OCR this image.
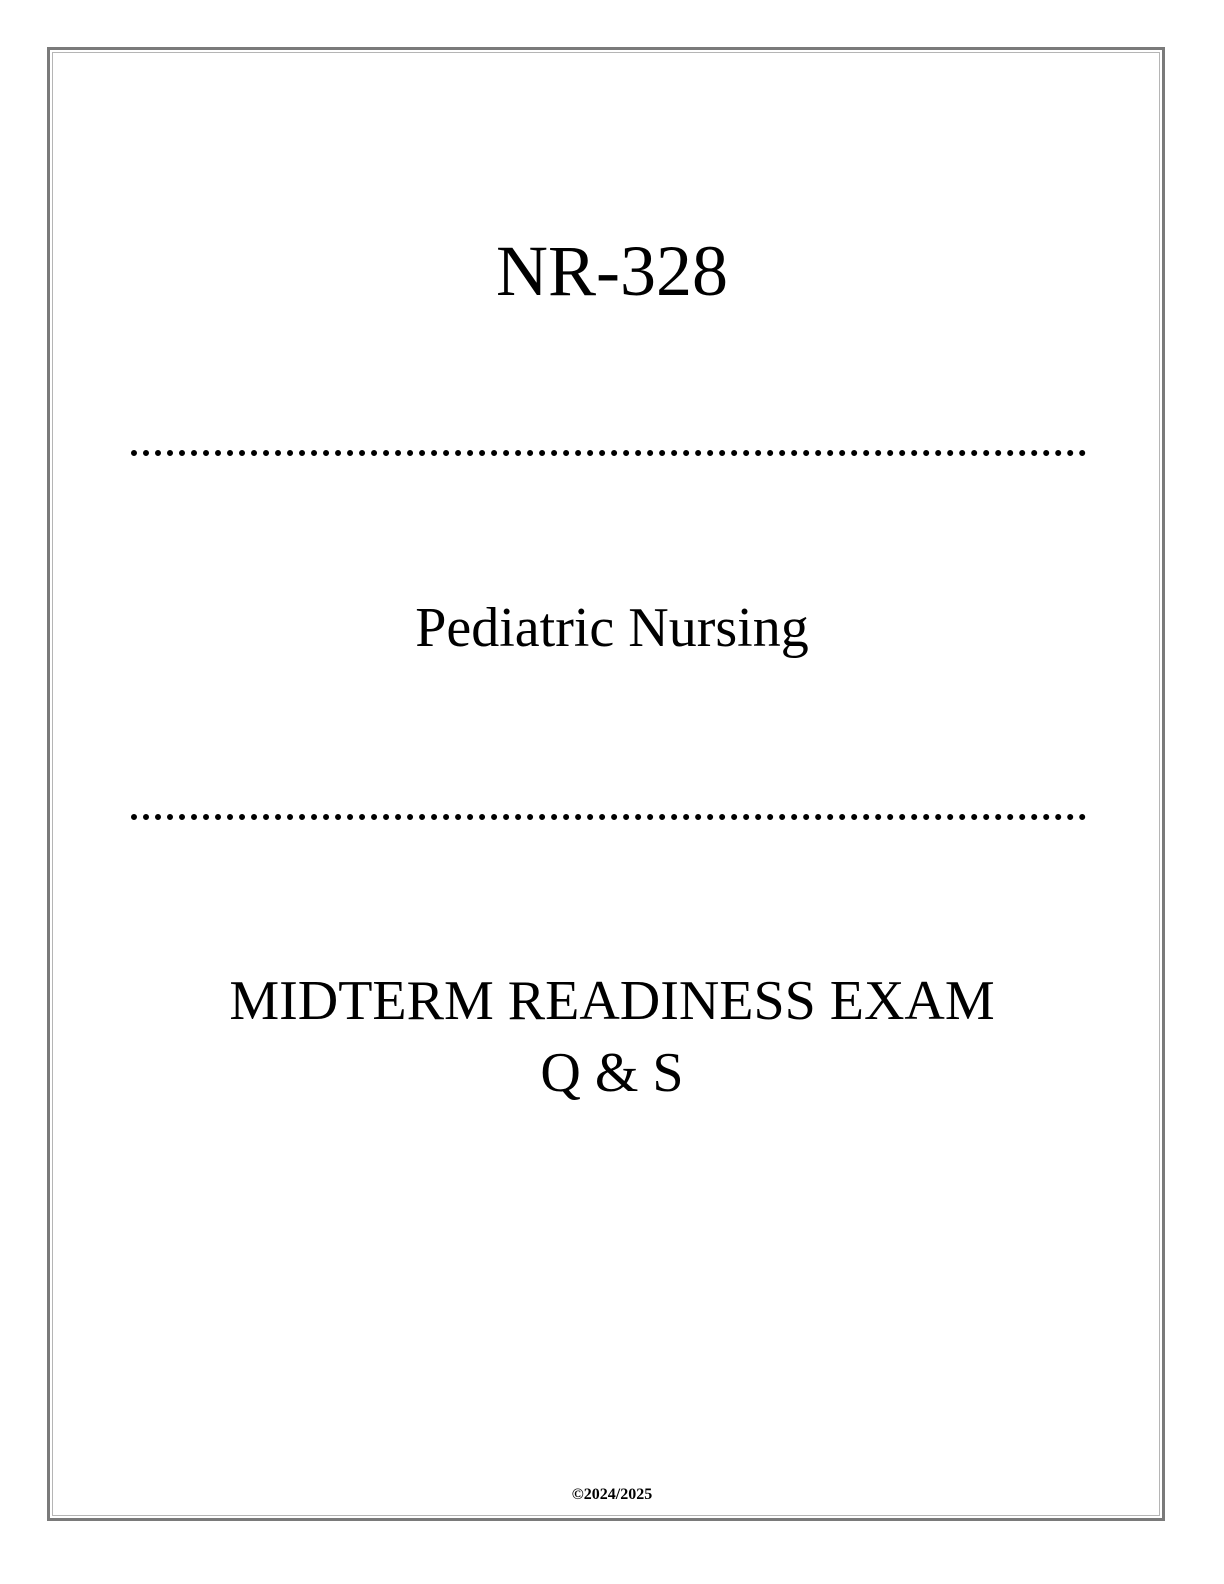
NR-328
Pediatric Nursing
MIDTERM READINESS EXAM
Q & S
©2024/2025
